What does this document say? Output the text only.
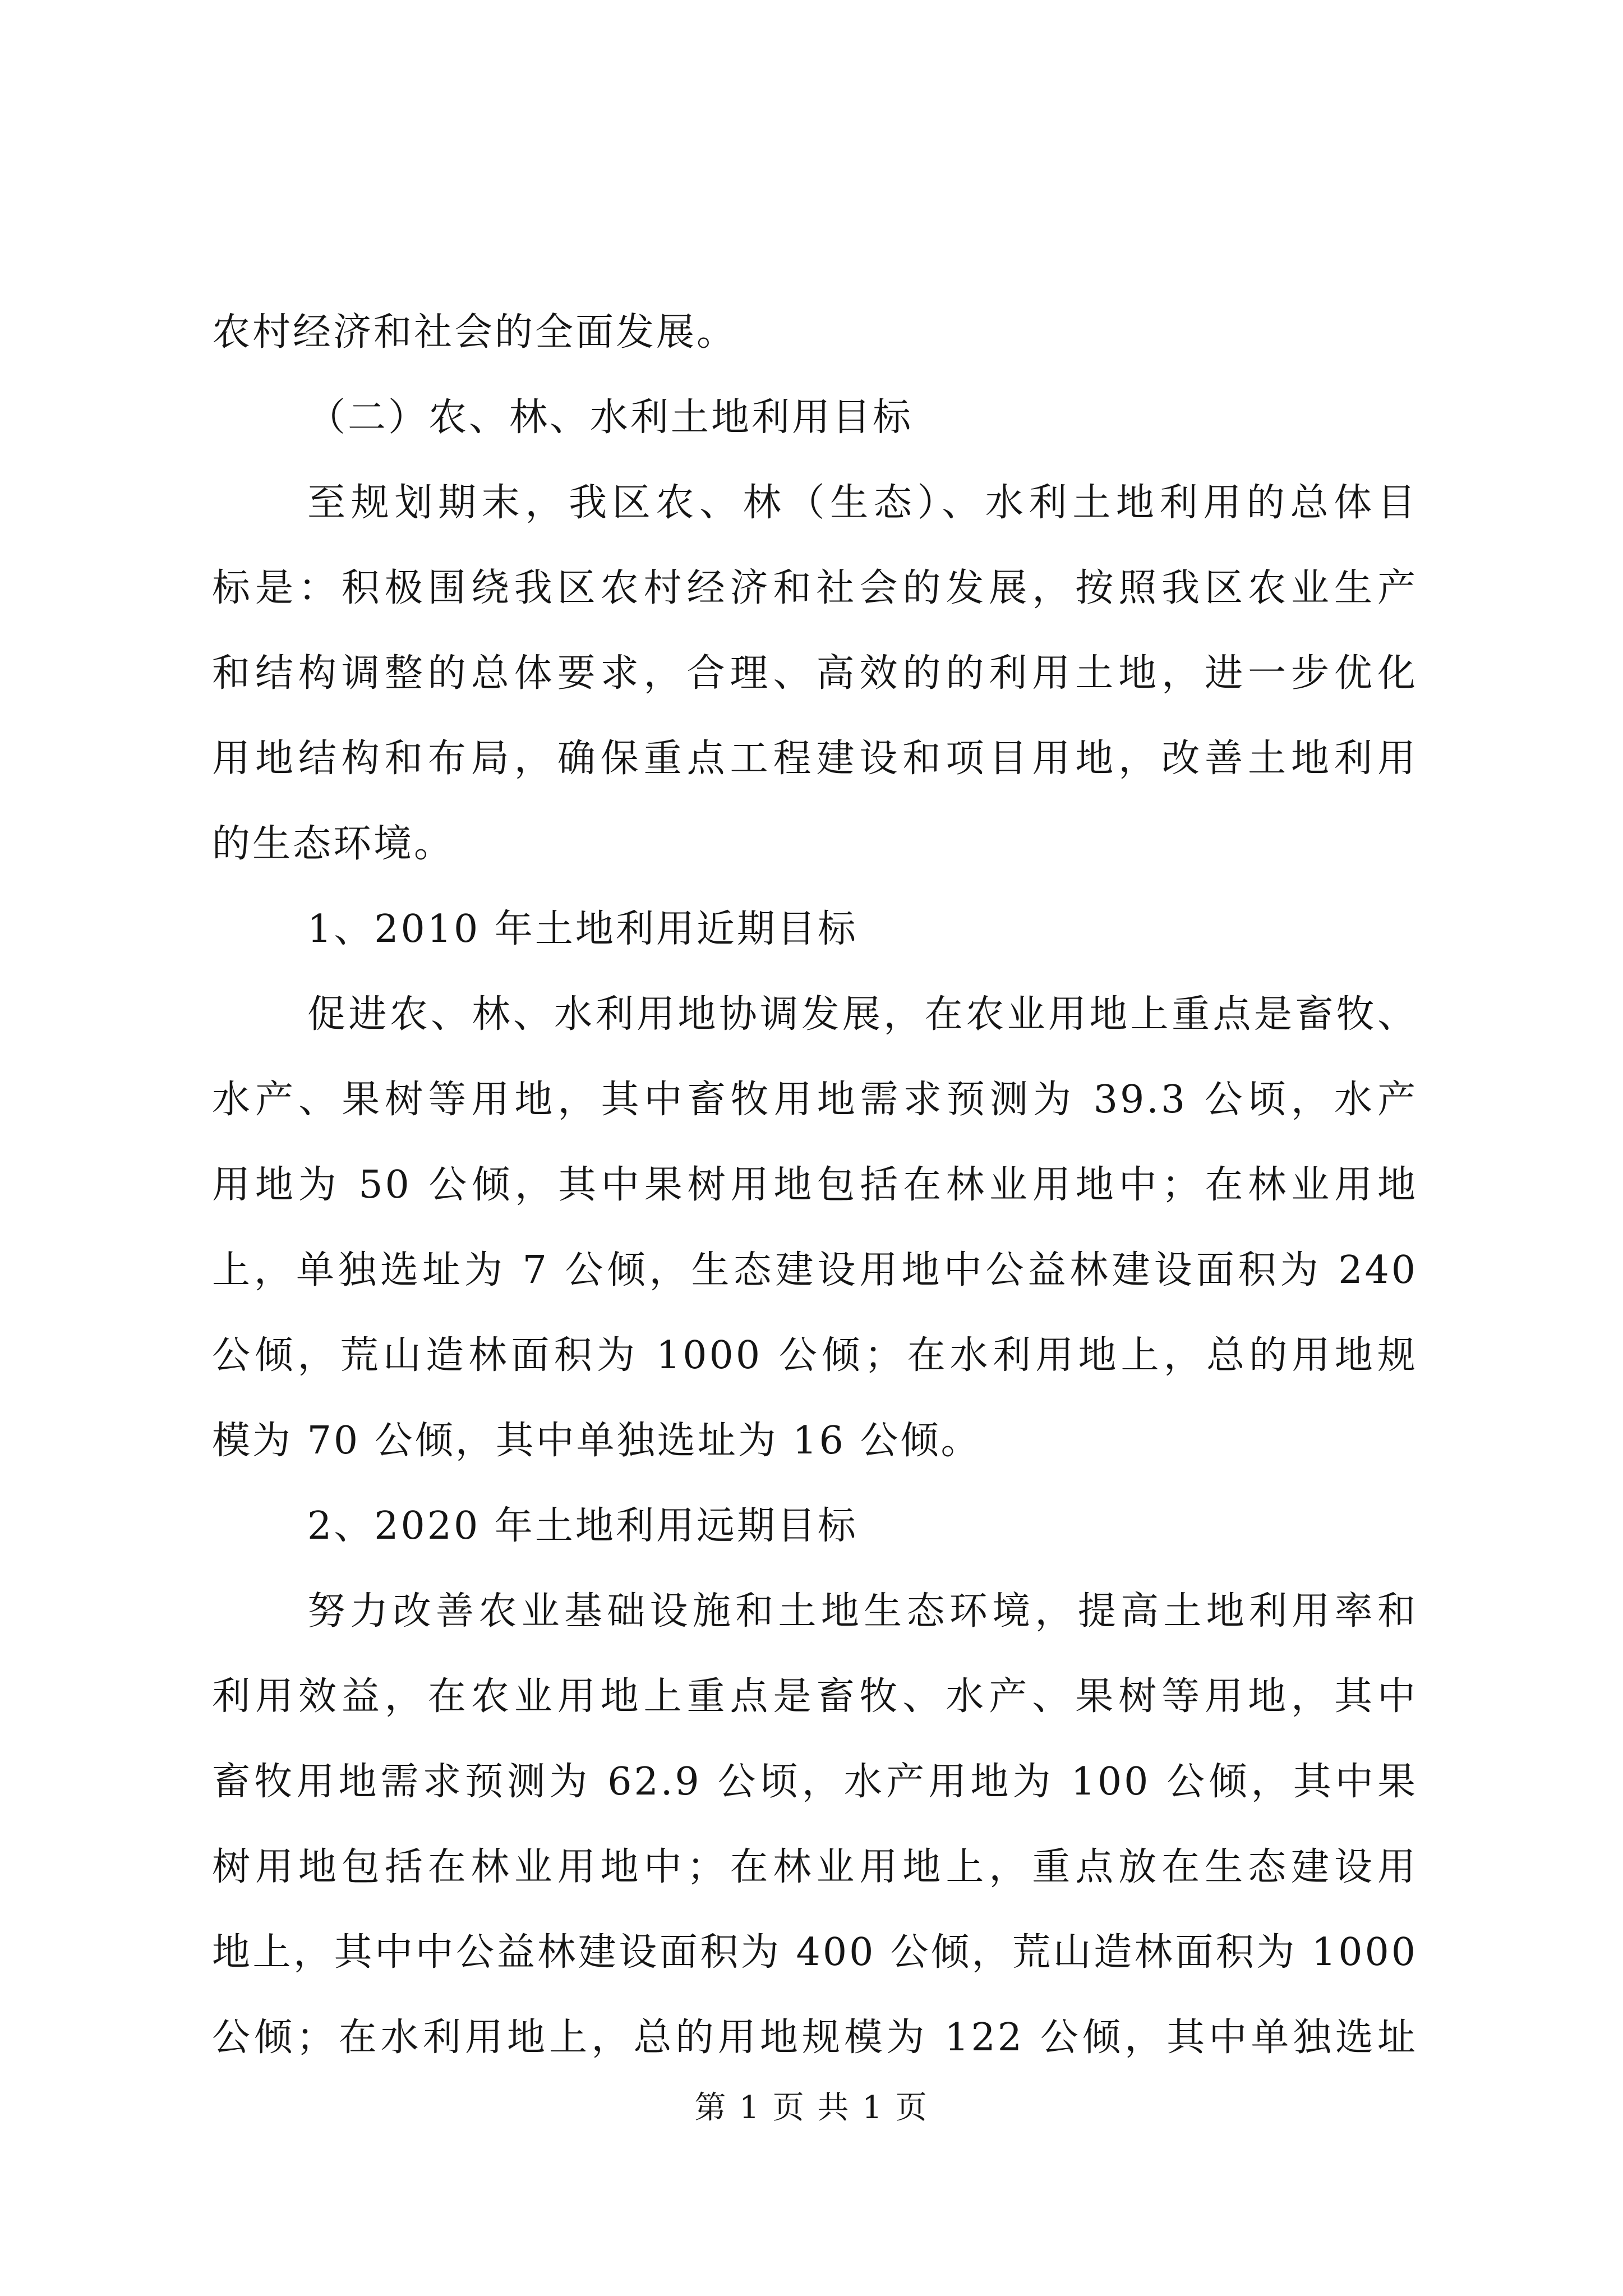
农村经济和社会的全面发展。
（二）农、林、水利土地利用目标
至规划期末，我区农、林（生态）、水利土地利用的总体目
标是：积极围绕我区农村经济和社会的发展，按照我区农业生产
和结构调整的总体要求，合理、高效的的利用土地，进一步优化
用地结构和布局，确保重点工程建设和项目用地，改善土地利用
的生态环境。
1、2010 年土地利用近期目标
促进农、林、水利用地协调发展，在农业用地上重点是畜牧、
水产、果树等用地，其中畜牧用地需求预测为 39.3 公顷，水产
用地为 50 公倾，其中果树用地包括在林业用地中；在林业用地
上，单独选址为 7 公倾，生态建设用地中公益林建设面积为 240
公倾，荒山造林面积为 1000 公倾；在水利用地上，总的用地规
模为 70 公倾，其中单独选址为 16 公倾。
2、2020 年土地利用远期目标
努力改善农业基础设施和土地生态环境，提高土地利用率和
利用效益，在农业用地上重点是畜牧、水产、果树等用地，其中
畜牧用地需求预测为 62.9 公顷，水产用地为 100 公倾，其中果
树用地包括在林业用地中；在林业用地上，重点放在生态建设用
地上，其中中公益林建设面积为 400 公倾，荒山造林面积为 1000
公倾；在水利用地上，总的用地规模为 122 公倾，其中单独选址
第 1 页 共 1 页
